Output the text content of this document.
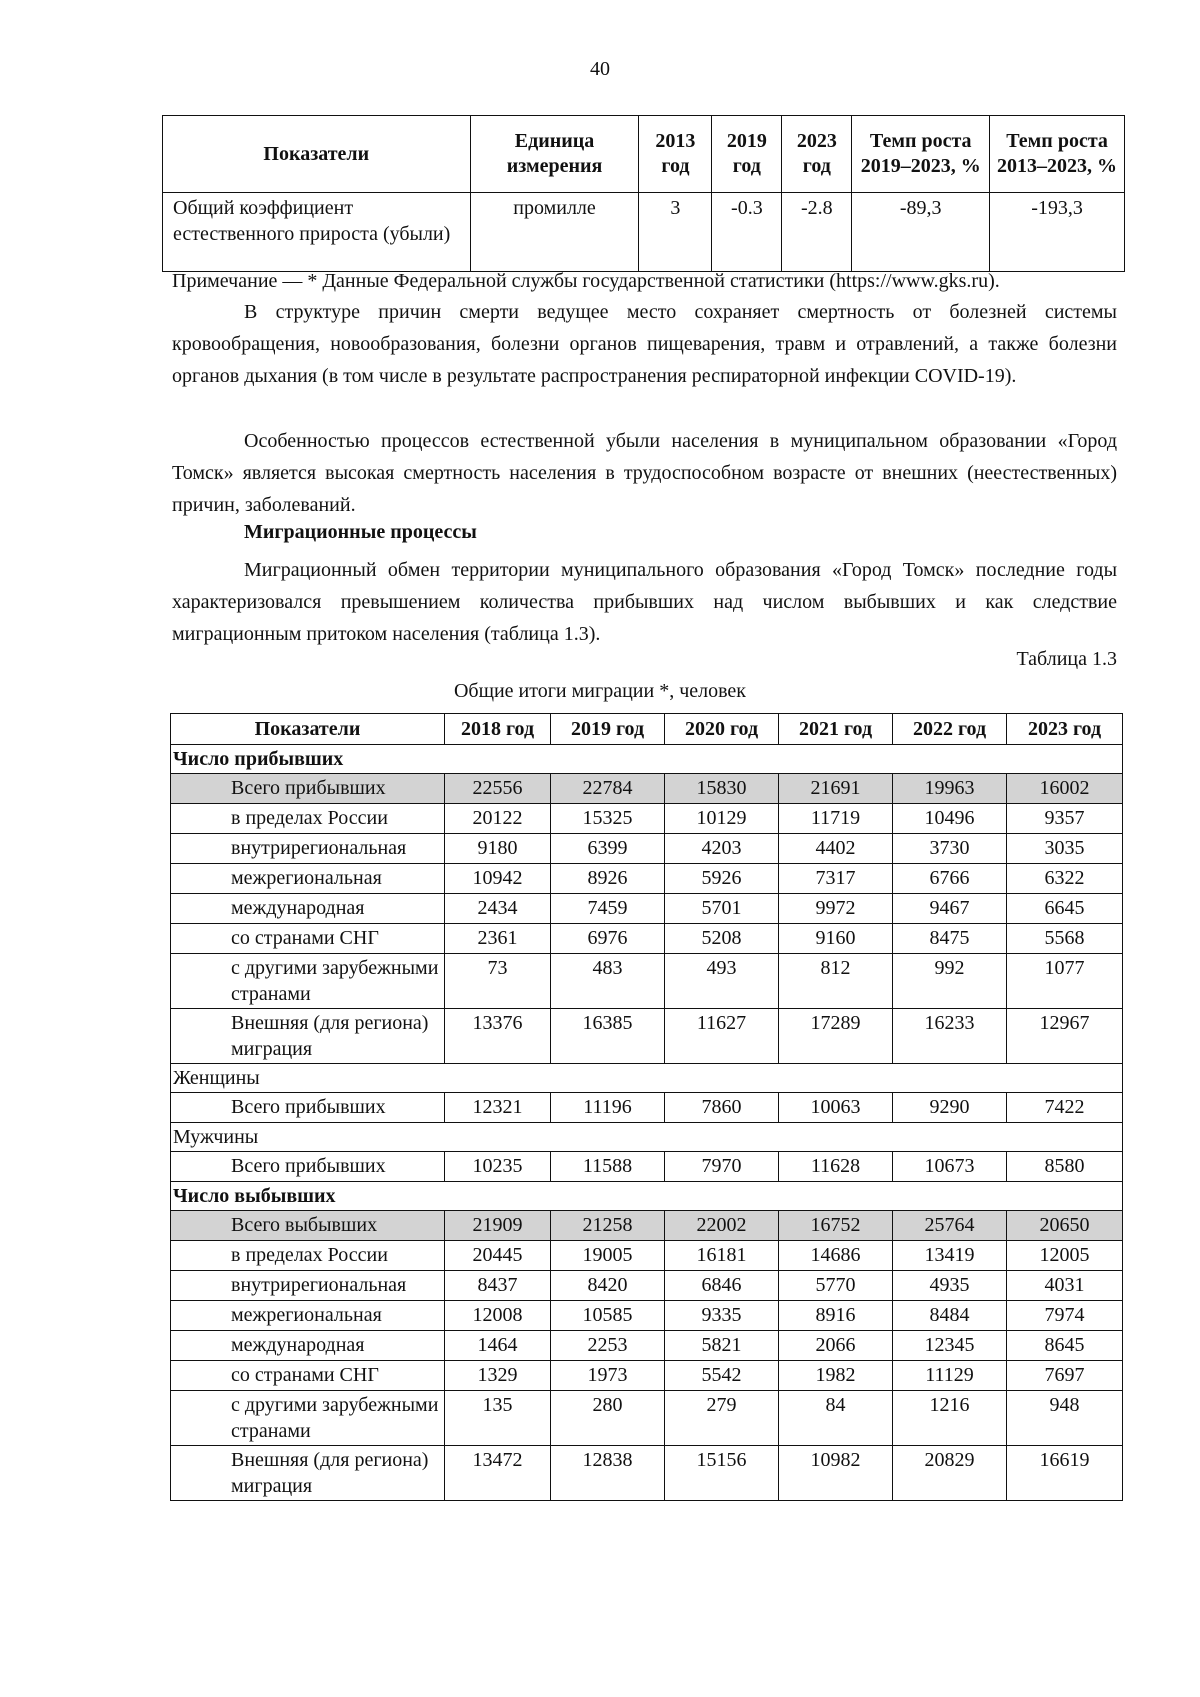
40
Показатели	Единица измерения	2013 год	2019 год	2023 год	Темп роста 2019–2023, %	Темп роста 2013–2023, %
Общий коэффициент естественного прироста (убыли)	промилле	3	-0.3	-2.8	-89,3	-193,3
Примечание — * Данные Федеральной службы государственной статистики (https://www.gks.ru).

В структуре причин смерти ведущее место сохраняет смертность от болезней системы кровообращения, новообразования, болезни органов пищеварения, травм и отравлений, а также болезни органов дыхания (в том числе в результате распространения респираторной инфекции COVID-19).

Особенностью процессов естественной убыли населения в муниципальном образовании «Город Томск» является высокая смертность населения в трудоспособном возрасте от внешних (неестественных) причин, заболеваний.

Миграционные процессы

Миграционный обмен территории муниципального образования «Город Томск» последние годы характеризовался превышением количества прибывших над числом выбывших и как следствие миграционным притоком населения (таблица 1.3).

Таблица 1.3
Общие итоги миграции *, человек
Показатели	2018 год	2019 год	2020 год	2021 год	2022 год	2023 год
Число прибывших						
Всего прибывших	22556	22784	15830	21691	19963	16002
в пределах России	20122	15325	10129	11719	10496	9357
внутрирегиональная	9180	6399	4203	4402	3730	3035
межрегиональная	10942	8926	5926	7317	6766	6322
международная	2434	7459	5701	9972	9467	6645
со странами СНГ	2361	6976	5208	9160	8475	5568
с другими зарубежными странами	73	483	493	812	992	1077
Внешняя (для региона) миграция	13376	16385	11627	17289	16233	12967
Женщины						
Всего прибывших	12321	11196	7860	10063	9290	7422
Мужчины						
Всего прибывших	10235	11588	7970	11628	10673	8580
Число выбывших						
Всего выбывших	21909	21258	22002	16752	25764	20650
в пределах России	20445	19005	16181	14686	13419	12005
внутрирегиональная	8437	8420	6846	5770	4935	4031
межрегиональная	12008	10585	9335	8916	8484	7974
международная	1464	2253	5821	2066	12345	8645
со странами СНГ	1329	1973	5542	1982	11129	7697
с другими зарубежными странами	135	280	279	84	1216	948
Внешняя (для региона) миграция	13472	12838	15156	10982	20829	16619
